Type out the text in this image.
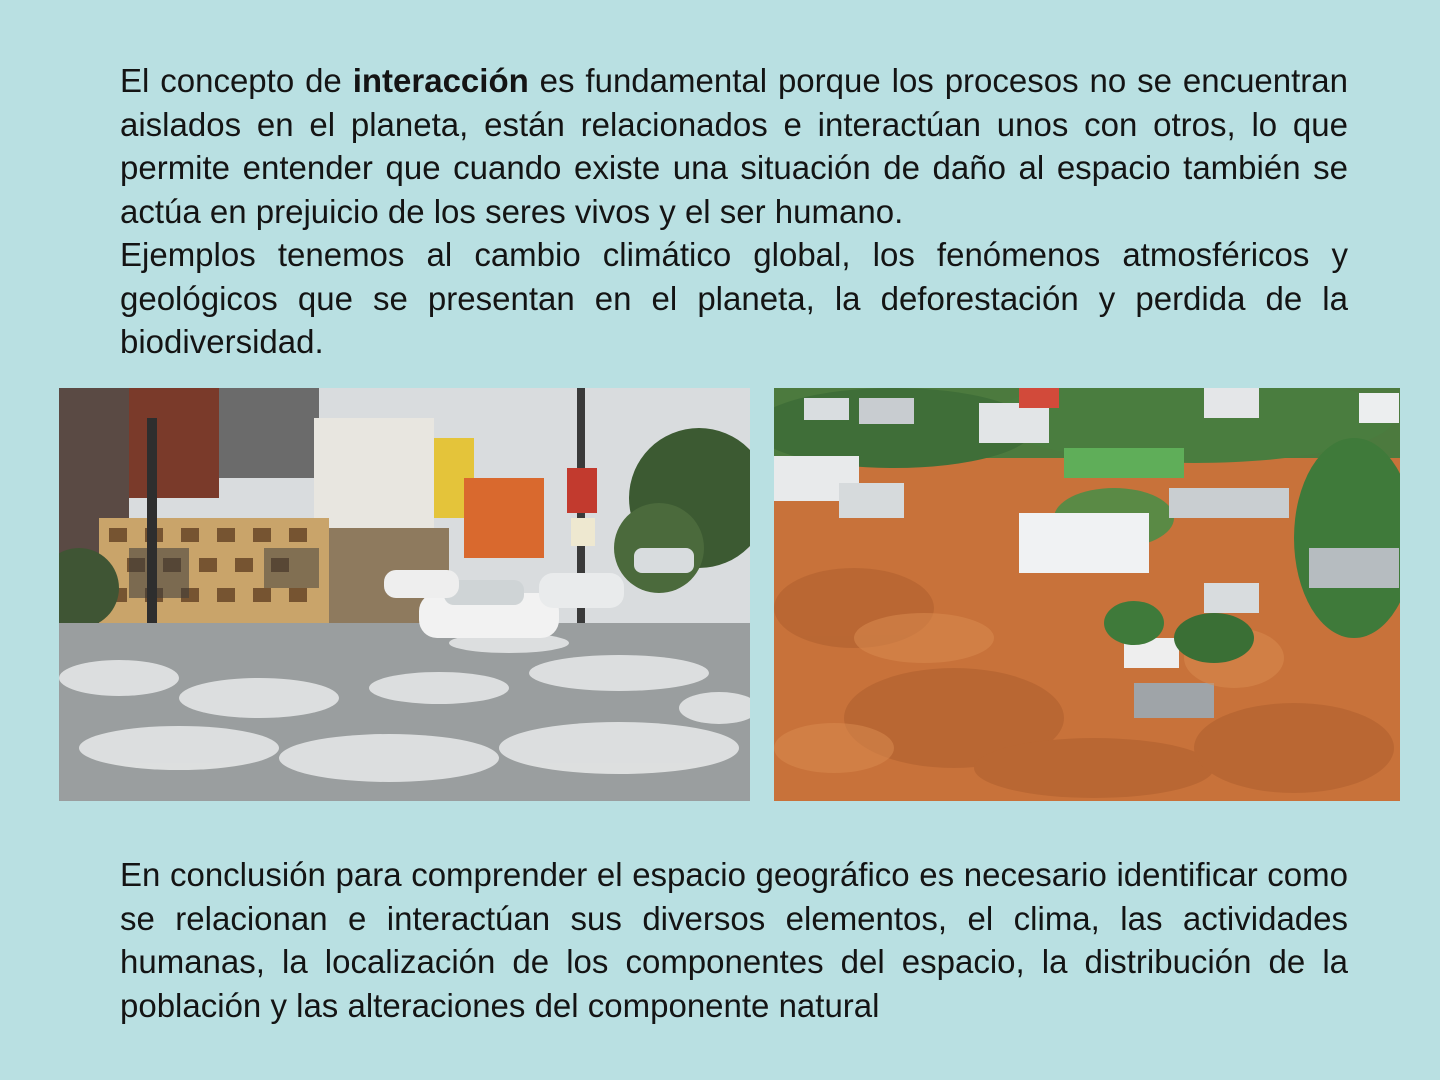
El concepto de interacción es fundamental porque los procesos no se encuentran aislados en el planeta, están relacionados e interactúan unos con otros, lo que permite entender que cuando existe una situación de daño al espacio también se actúa en prejuicio de los seres vivos y el ser humano.
Ejemplos tenemos al cambio climático global, los fenómenos atmosféricos y geológicos que se presentan en el planeta, la deforestación y perdida de la biodiversidad.

En conclusión para comprender el espacio geográfico es necesario identificar como se relacionan e interactúan sus diversos elementos, el clima, las actividades humanas, la localización de los componentes del espacio, la distribución de la población y las alteraciones del componente natural
